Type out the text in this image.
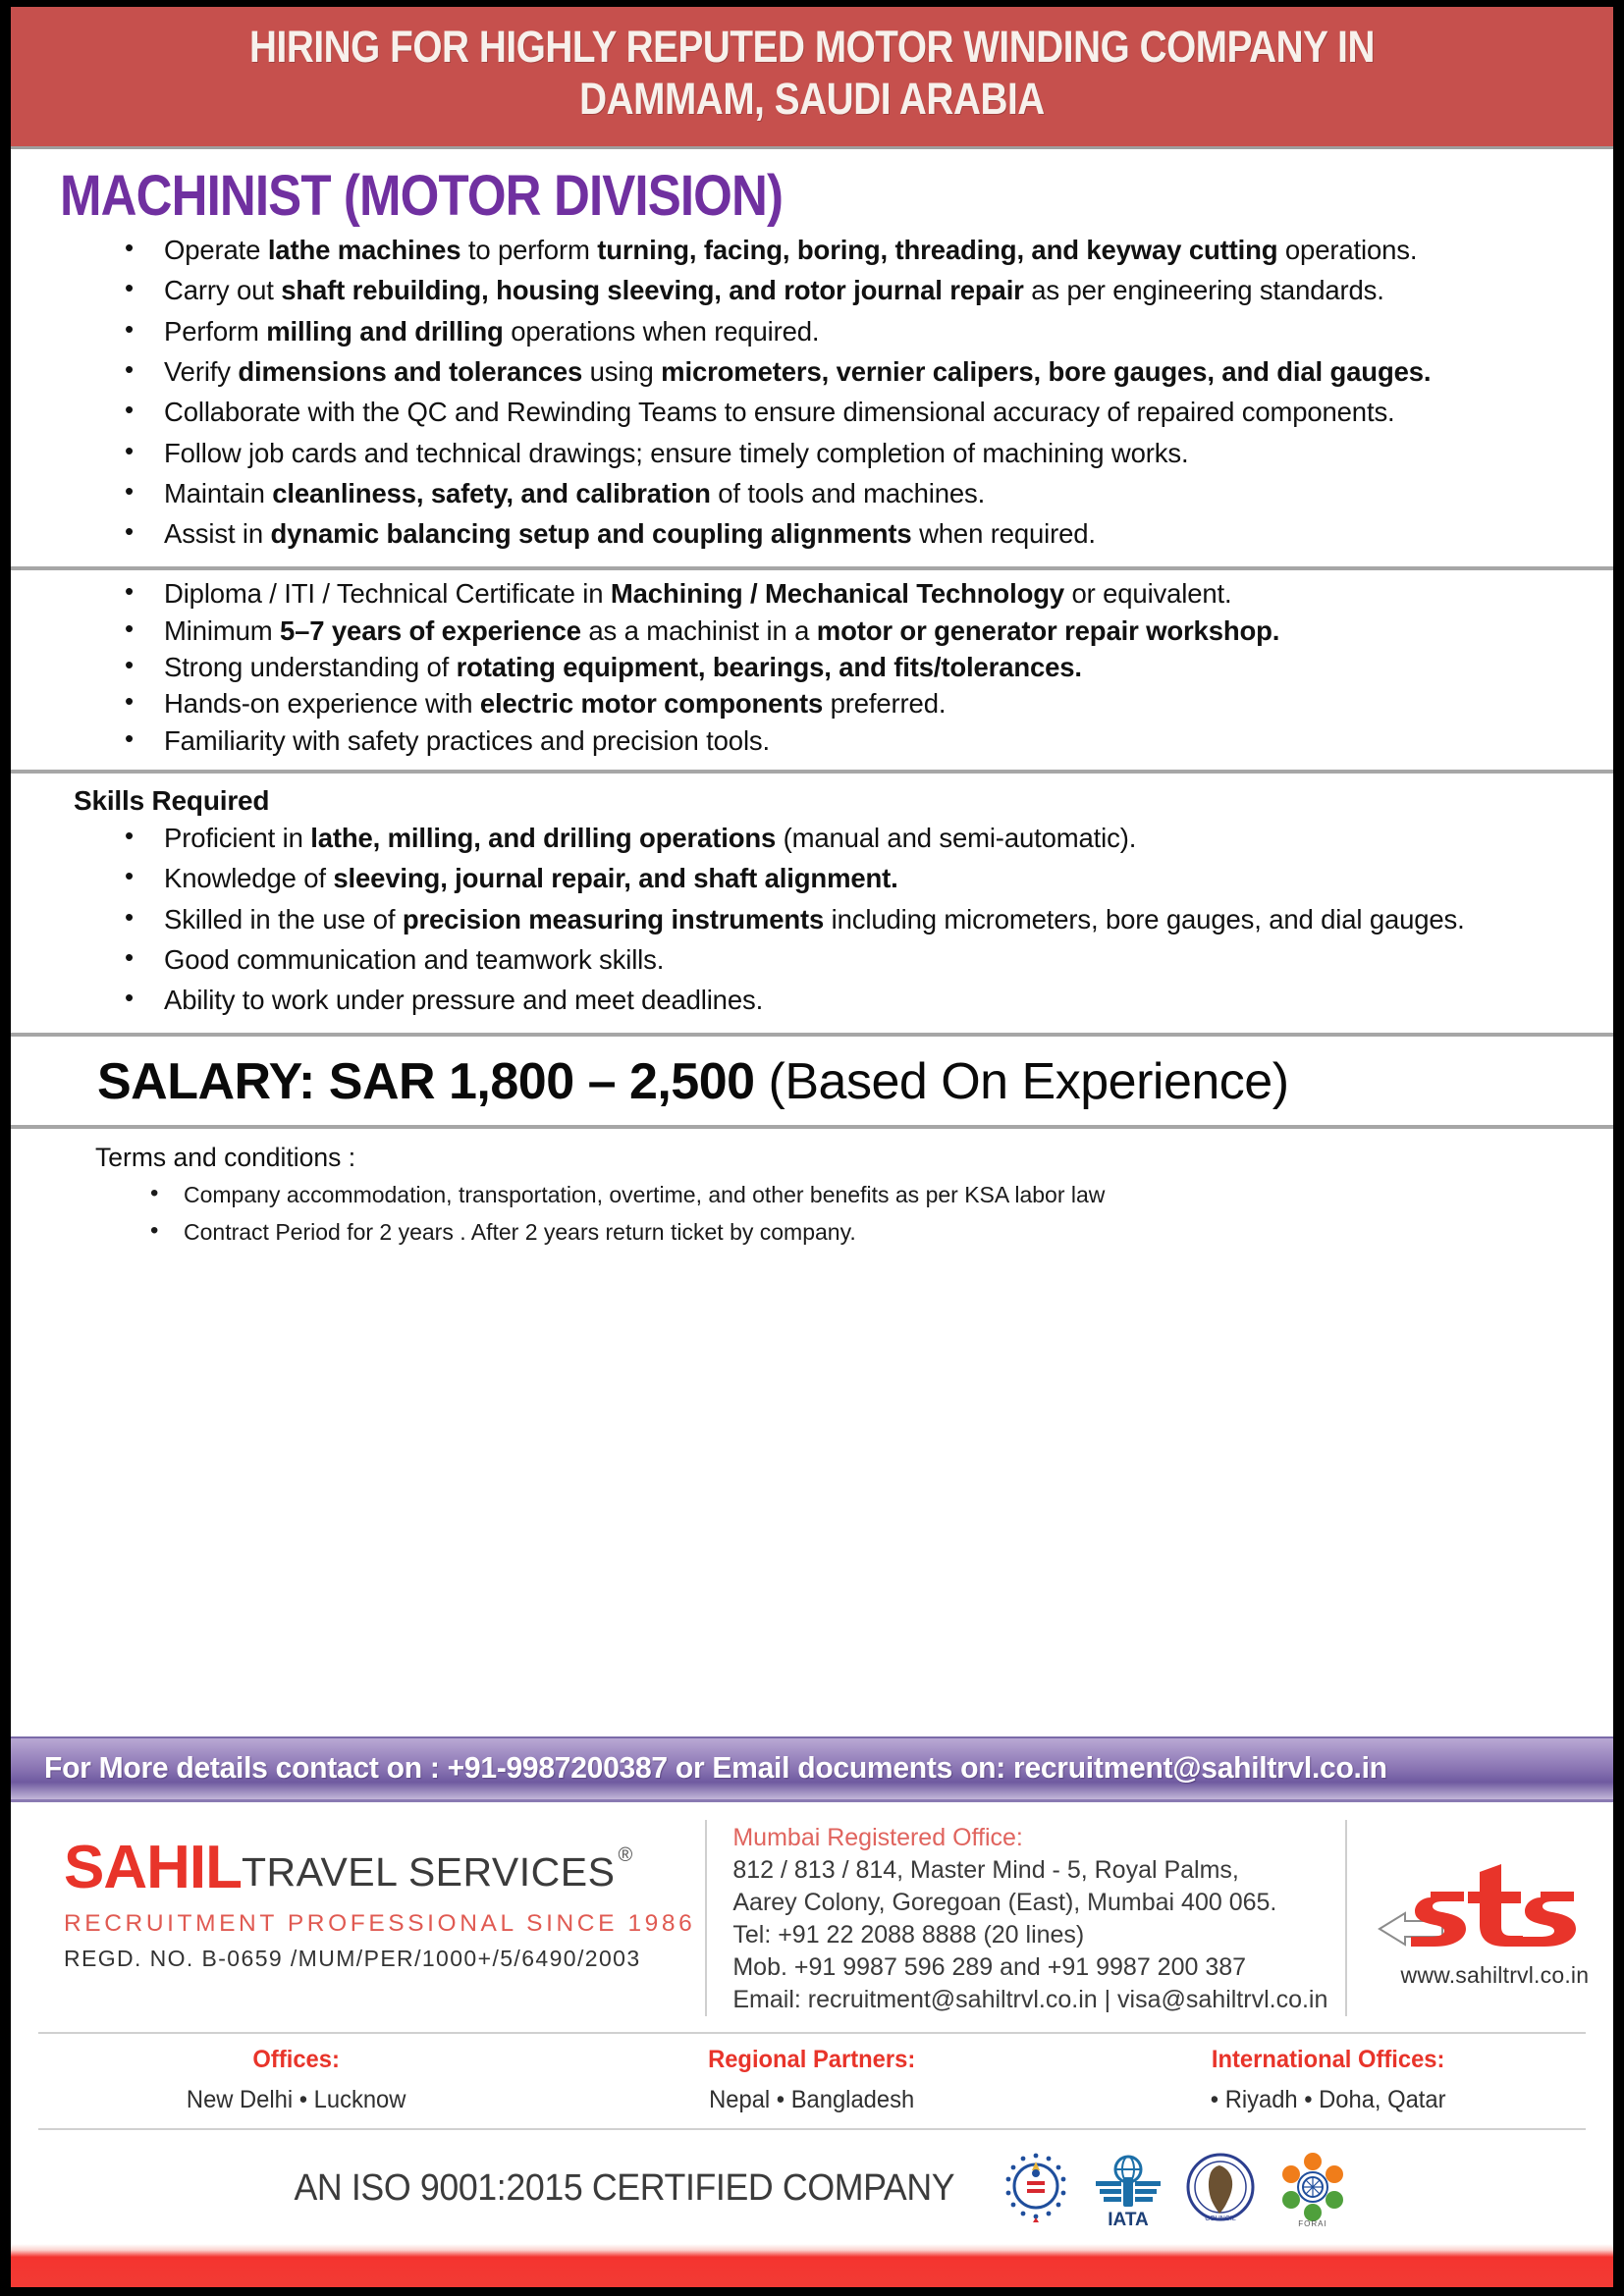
HIRING FOR HIGHLY REPUTED MOTOR WINDING COMPANY IN
DAMMAM, SAUDI ARABIA
MACHINIST (MOTOR DIVISION)
• Operate lathe machines to perform turning, facing, boring, threading, and keyway cutting operations.
• Carry out shaft rebuilding, housing sleeving, and rotor journal repair as per engineering standards.
• Perform milling and drilling operations when required.
• Verify dimensions and tolerances using micrometers, vernier calipers, bore gauges, and dial gauges.
• Collaborate with the QC and Rewinding Teams to ensure dimensional accuracy of repaired components.
• Follow job cards and technical drawings; ensure timely completion of machining works.
• Maintain cleanliness, safety, and calibration of tools and machines.
• Assist in dynamic balancing setup and coupling alignments when required.
• Diploma / ITI / Technical Certificate in Machining / Mechanical Technology or equivalent.
• Minimum 5–7 years of experience as a machinist in a motor or generator repair workshop.
• Strong understanding of rotating equipment, bearings, and fits/tolerances.
• Hands-on experience with electric motor components preferred.
• Familiarity with safety practices and precision tools.
Skills Required
• Proficient in lathe, milling, and drilling operations (manual and semi-automatic).
• Knowledge of sleeving, journal repair, and shaft alignment.
• Skilled in the use of precision measuring instruments including micrometers, bore gauges, and dial gauges.
• Good communication and teamwork skills.
• Ability to work under pressure and meet deadlines.
SALARY: SAR 1,800 – 2,500 (Based On Experience)
Terms and conditions :
• Company accommodation, transportation, overtime, and other benefits as per KSA labor law
• Contract Period for 2 years . After 2 years return ticket by company.
For More details contact on : +91-9987200387 or Email documents on: recruitment@sahiltrvl.co.in
SAHIL TRAVEL SERVICES ®
RECRUITMENT PROFESSIONAL SINCE 1986
REGD. NO. B-0659 /MUM/PER/1000+/5/6490/2003
Mumbai Registered Office:
812 / 813 / 814, Master Mind - 5, Royal Palms,
Aarey Colony, Goregoan (East), Mumbai 400 065.
Tel: +91 22 2088 8888 (20 lines)
Mob. +91 9987 596 289 and +91 9987 200 387
Email: recruitment@sahiltrvl.co.in | visa@sahiltrvl.co.in
www.sahiltrvl.co.in
Offices:
New Delhi • Lucknow
Regional Partners:
Nepal • Bangladesh
International Offices:
• Riyadh • Doha, Qatar
AN ISO 9001:2015 CERTIFIED COMPANY
IATA	COUNCIL
FORAI
